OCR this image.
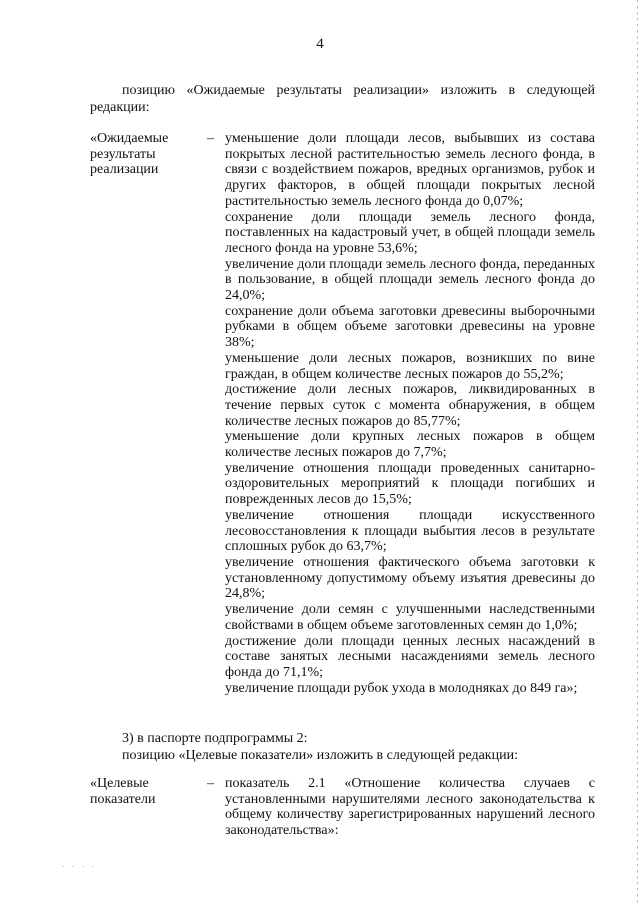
4
позицию «Ожидаемые результаты реализации» изложить в следующей редакции:
«Ожидаемые результаты реализации
– уменьшение доли площади лесов, выбывших из состава покрытых лесной растительностью земель лесного фонда, в связи с воздействием пожаров, вредных организмов, рубок и других факторов, в общей площади покрытых лесной растительностью земель лесного фонда до 0,07%;

сохранение доли площади земель лесного фонда, поставленных на кадастровый учет, в общей площади земель лесного фонда на уровне 53,6%;

увеличение доли площади земель лесного фонда, переданных в пользование, в общей площади земель лесного фонда до 24,0%;

сохранение доли объема заготовки древесины выборочными рубками в общем объеме заготовки древесины на уровне 38%;

уменьшение доли лесных пожаров, возникших по вине граждан, в общем количестве лесных пожаров до 55,2%;

достижение доли лесных пожаров, ликвидированных в течение первых суток с момента обнаружения, в общем количестве лесных пожаров до 85,77%;

уменьшение доли крупных лесных пожаров в общем количестве лесных пожаров до 7,7%;

увеличение отношения площади проведенных санитарно-оздоровительных мероприятий к площади погибших и поврежденных лесов до 15,5%;

увеличение отношения площади искусственного лесовосстановления к площади выбытия лесов в результате сплошных рубок до 63,7%;

увеличение отношения фактического объема заготовки к установленному допустимому объему изъятия древесины до 24,8%;

увеличение доли семян с улучшенными наследственными свойствами в общем объеме заготовленных семян до 1,0%;

достижение доли площади ценных лесных насаждений в составе занятых лесными насаждениями земель лесного фонда до 71,1%;

увеличение площади рубок ухода в молодняках до 849 га»;

3) в паспорте подпрограммы 2:
позицию «Целевые показатели» изложить в следующей редакции:
«Целевые показатели
– показатель 2.1 «Отношение количества случаев с установленными нарушителями лесного законодательства к общему количеству зарегистрированных нарушений лесного законодательства»:

. . . .
